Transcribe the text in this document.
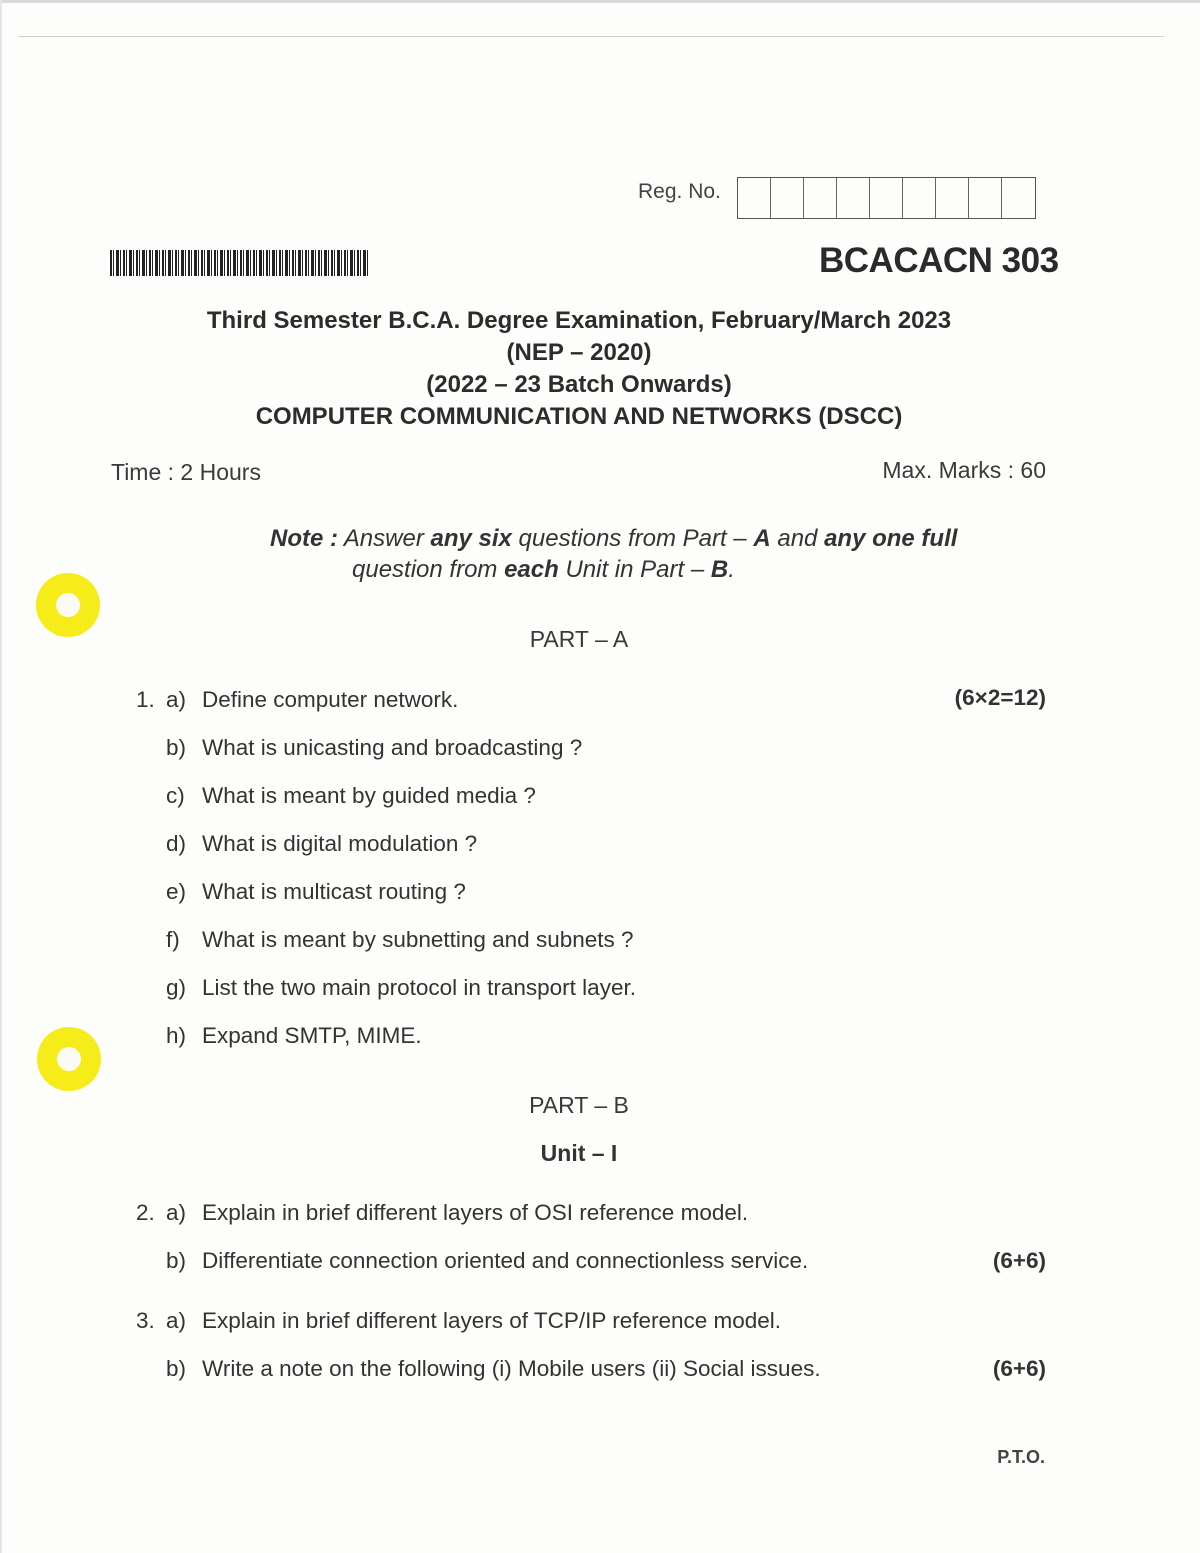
Reg. No.
BCACACN 303
Third Semester B.C.A. Degree Examination, February/March 2023
(NEP – 2020)
(2022 – 23 Batch Onwards)
COMPUTER COMMUNICATION AND NETWORKS (DSCC)
Time : 2 Hours	Max. Marks : 60
Note : Answer any six questions from Part – A and any one full
question from each Unit in Part – B.
PART – A
1.	(6×2=12)
a) Define computer network.
b) What is unicasting and broadcasting ?
c) What is meant by guided media ?
d) What is digital modulation ?
e) What is multicast routing ?
f) What is meant by subnetting and subnets ?
g) List the two main protocol in transport layer.
h) Expand SMTP, MIME.
PART – B
Unit – I
2. a) Explain in brief different layers of OSI reference model.
b) Differentiate connection oriented and connectionless service.	(6+6)
3. a) Explain in brief different layers of TCP/IP reference model.
b) Write a note on the following (i) Mobile users (ii) Social issues.	(6+6)
P.T.O.
